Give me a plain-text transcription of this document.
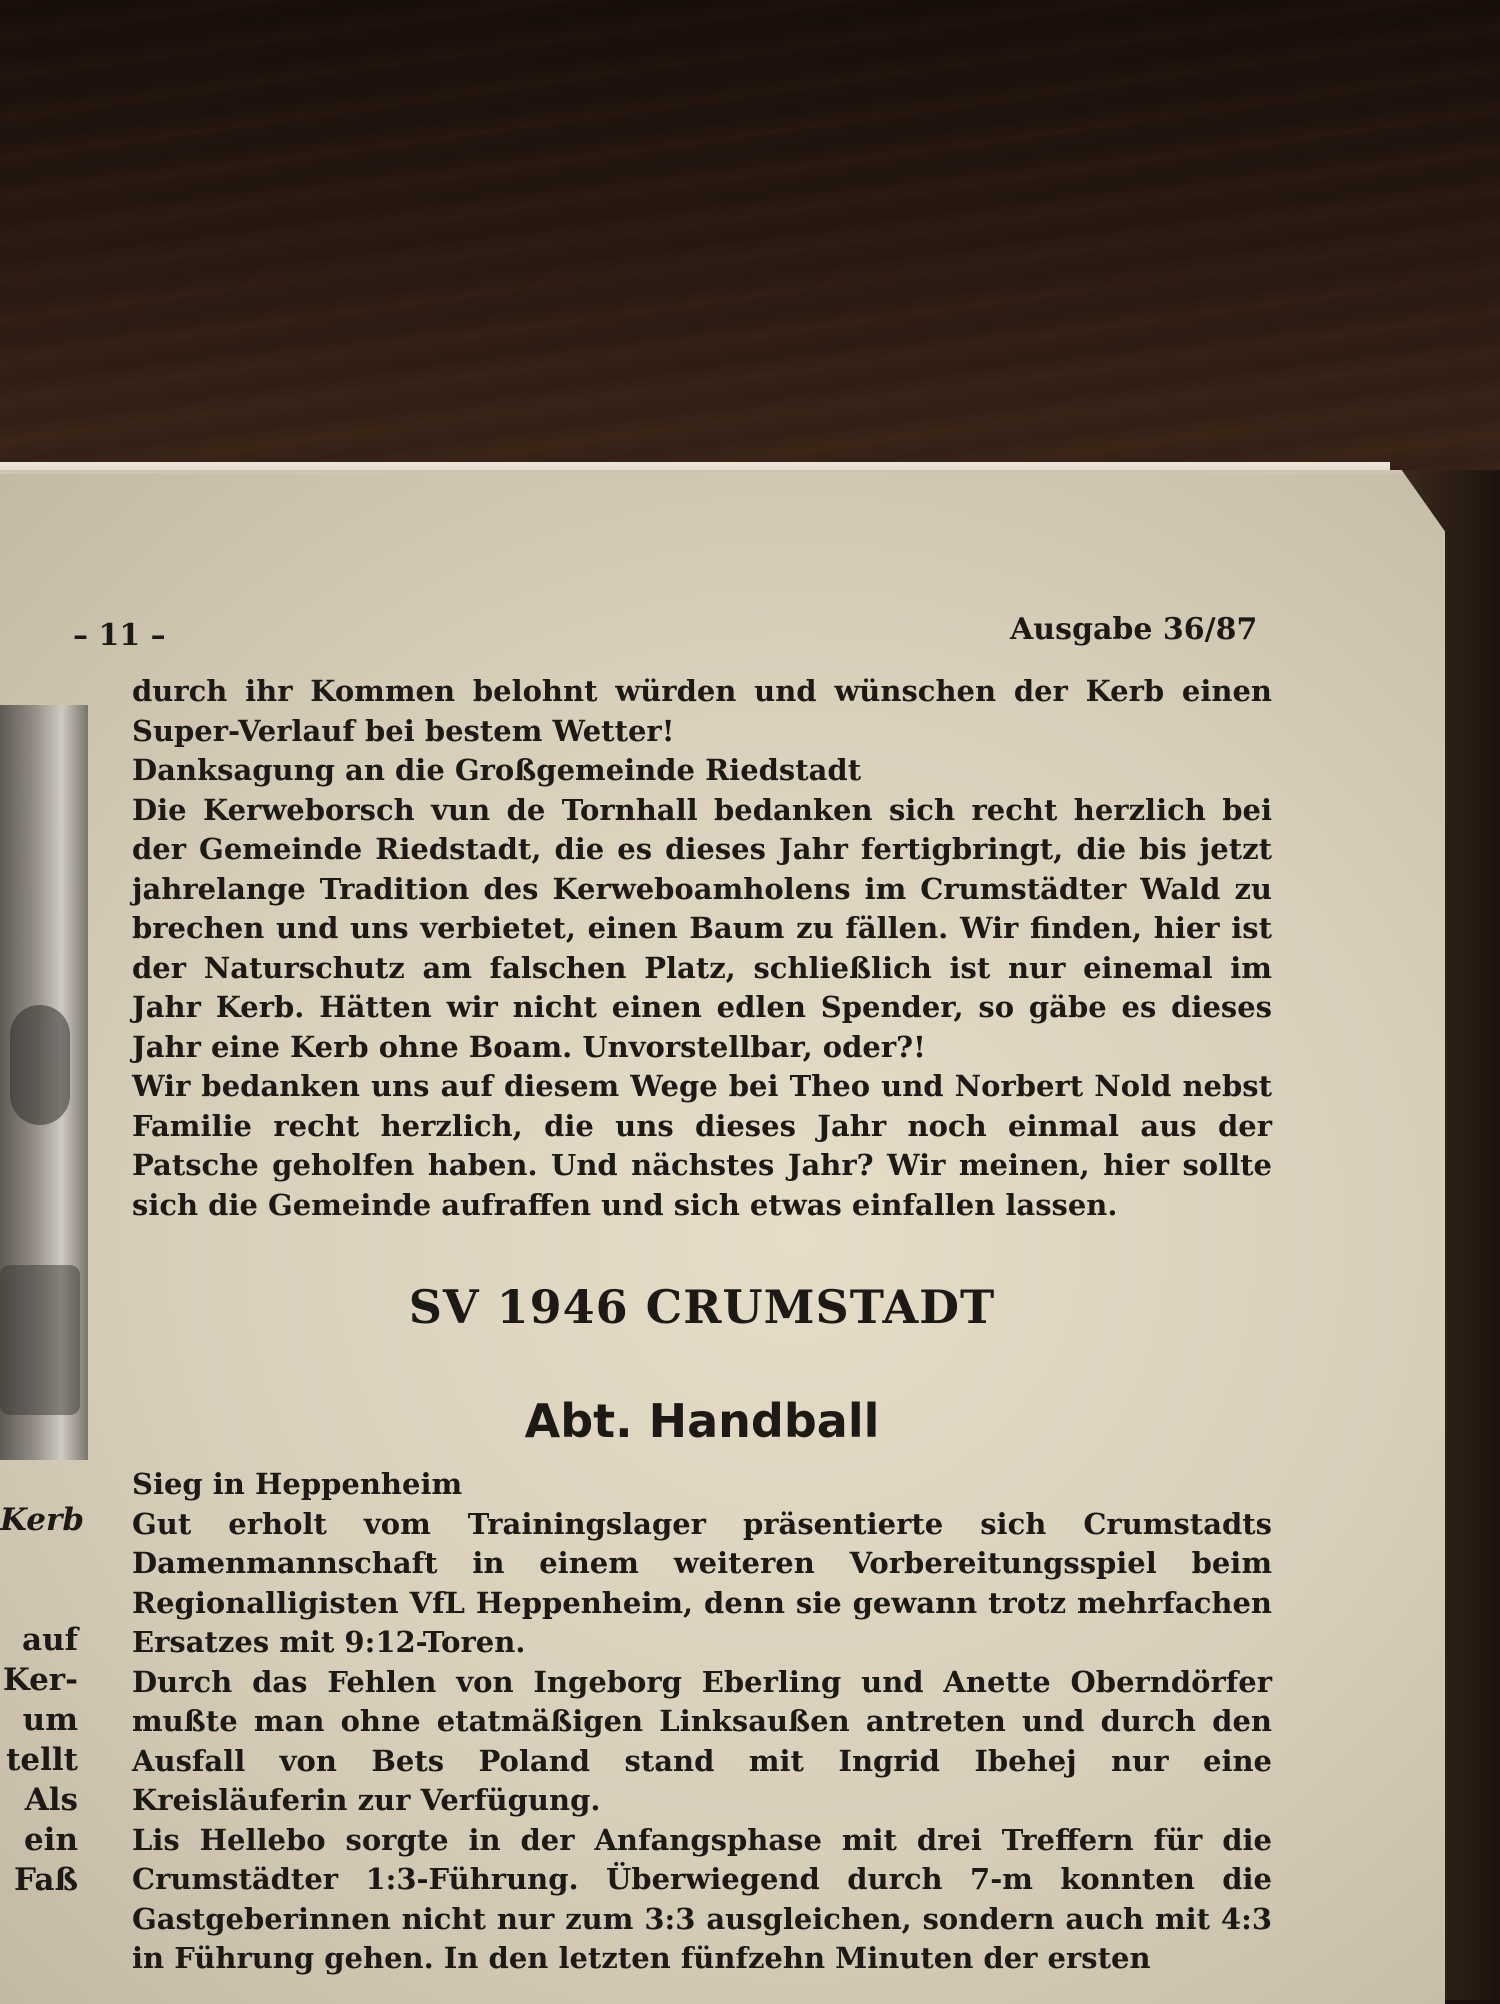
– 11 –	Ausgabe 36/87
Kerb
auf
Ker-
um
tellt
Als
ein
Faß

durch ihr Kommen belohnt würden und wünschen der Kerb einen Super-Verlauf bei bestem Wetter!

Danksagung an die Großgemeinde Riedstadt

Die Kerweborsch vun de Tornhall bedanken sich recht herzlich bei der Gemeinde Riedstadt, die es dieses Jahr fertigbringt, die bis jetzt jahrelange Tradition des Kerweboamholens im Crumstädter Wald zu brechen und uns verbietet, einen Baum zu fällen. Wir finden, hier ist der Naturschutz am falschen Platz, schließlich ist nur einemal im Jahr Kerb. Hätten wir nicht einen edlen Spender, so gäbe es dieses Jahr eine Kerb ohne Boam. Unvorstellbar, oder?!

Wir bedanken uns auf diesem Wege bei Theo und Norbert Nold nebst Familie recht herzlich, die uns dieses Jahr noch einmal aus der Patsche geholfen haben. Und nächstes Jahr? Wir meinen, hier sollte sich die Gemeinde aufraffen und sich etwas einfallen lassen.

SV 1946 CRUMSTADT
Abt. Handball

Sieg in Heppenheim

Gut erholt vom Trainingslager präsentierte sich Crumstadts Damenmannschaft in einem weiteren Vorbereitungsspiel beim Regionalligisten VfL Heppenheim, denn sie gewann trotz mehrfachen Ersatzes mit 9:12-Toren.

Durch das Fehlen von Ingeborg Eberling und Anette Oberndörfer mußte man ohne etatmäßigen Linksaußen antreten und durch den Ausfall von Bets Poland stand mit Ingrid Ibehej nur eine Kreisläuferin zur Verfügung.

Lis Hellebo sorgte in der Anfangsphase mit drei Treffern für die Crumstädter 1:3-Führung. Überwiegend durch 7-m konnten die Gastgeberinnen nicht nur zum 3:3 ausgleichen, sondern auch mit 4:3 in Führung gehen. In den letzten fünfzehn Minuten der ersten
